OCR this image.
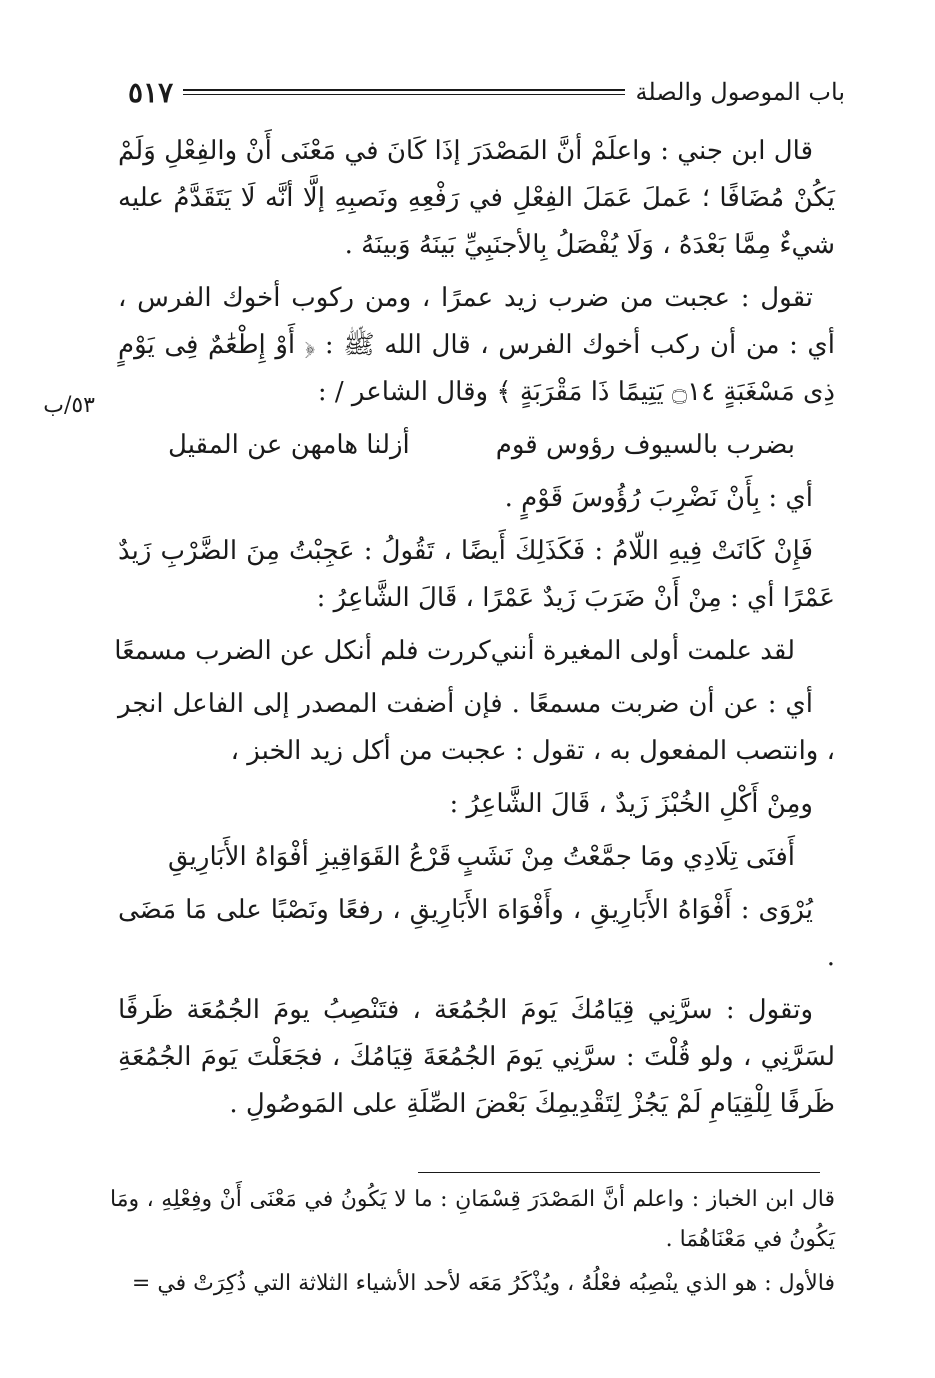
باب الموصول والصلة
٥١٧
٥٣/ب

قال ابن جني : واعلَمْ أنَّ المَصْدَرَ إذَا كَانَ في مَعْنَى أَنْ والفِعْلِ وَلَمْ يَكُنْ مُضَافًا ؛ عَملَ عَمَلَ الفِعْلِ في رَفْعِهِ ونَصبِهِ إلَّا أنَّه لَا يَتَقَدَّمُ عليه شيءٌ مِمَّا بَعْدَهُ ، وَلَا يُفْصَلُ بِالأجنَبِيِّ بَينَهُ وَبينَهُ .

تقول : عجبت من ضرب زيد عمرًا ، ومن ركوب أخوك الفرس ، أي : من أن ركب أخوك الفرس ، قال الله ﷺ : ﴿ أَوْ إِطْعَٰمٌ فِى يَوْمٍ ذِى مَسْغَبَةٍ ۝١٤ يَتِيمًا ذَا مَقْرَبَةٍ ﴾ وقال الشاعر / :

بضرب بالسيوف رؤوس قوم
أزلنا هامهن عن المقيل

أي : بِأَنْ نَضْرِبَ رُؤُوسَ قَوْمٍ .

فَإِنْ كَانَتْ فِيهِ اللّامُ : فَكَذَلِكَ أَيضًا ، تَقُولُ : عَجِبْتُ مِنَ الضَّرْبِ زَيدٌ عَمْرًا أي : مِنْ أَنْ ضَرَبَ زَيدٌ عَمْرًا ، قَالَ الشَّاعِرُ :

لقد علمت أولى المغيرة أنني
كررت فلم أنكل عن الضرب مسمعًا

أي : عن أن ضربت مسمعًا . فإن أضفت المصدر إلى الفاعل انجر ، وانتصب المفعول به ، تقول : عجبت من أكل زيد الخبز ،

ومِنْ أَكْلِ الخُبْزَ زَيدٌ ، قَالَ الشَّاعِرُ :

أَفنَى تِلَادِي ومَا جمَّعْتُ مِنْ نَشَبٍ
قَرْعُ القَوَاقِيزِ أفْوَاهُ الأَبَارِيقِ

يُرْوَى : أَفْوَاهُ الأَبَارِيقِ ، وأَفْوَاهَ الأَبَارِيقِ ، رفعًا ونَصْبًا على مَا مَضَى .

وتقول : سرَّنِي قِيَامُكَ يَومَ الجُمُعَة ، فتَنْصِبُ يومَ الجُمُعَة ظَرفًا لسَرَّنِي ، ولو قُلْتَ : سرَّنِي يَومَ الجُمُعَةَ قِيَامُكَ ، فجَعَلْتَ يَومَ الجُمُعَةِ ظَرفًا لِلْقِيَامِ لَمْ يَجُزْ لِتَقْدِيمِكَ بَعْضَ الصِّلَةِ على المَوصُولِ .

قال ابن الخباز : واعلم أنَّ المَصْدَرَ قِسْمَانِ : ما لا يَكُونُ في مَعْنَى أَنْ وفِعْلِهِ ، ومَا يَكُونُ في مَعْنَاهُمَا .

فالأول : هو الذي ينْصِبُه فعْلُهُ ، ويُذْكَرُ مَعَه لأحد الأشياء الثلاثة التي ذُكِرَتْ في =
